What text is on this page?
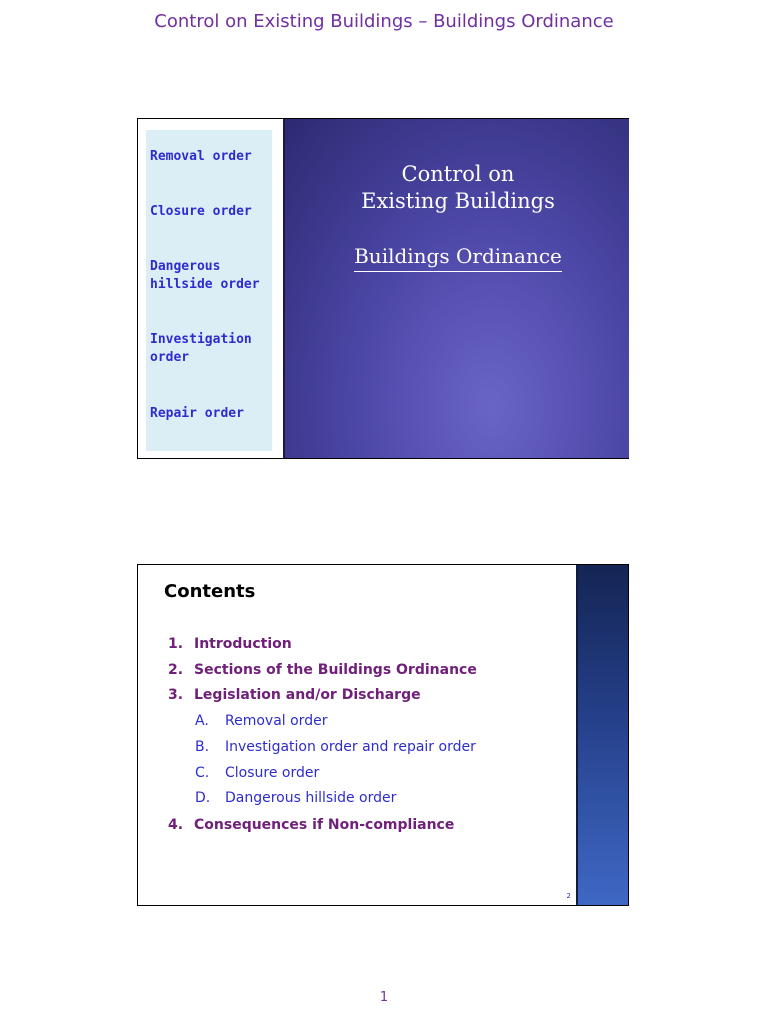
Control on Existing Buildings – Buildings Ordinance
Removal order
Closure order
Dangerous
hillside order
Investigation
order
Repair order
Control on
Existing Buildings
Buildings Ordinance
Contents
1. Introduction
2. Sections of the Buildings Ordinance
3. Legislation and/or Discharge
A. Removal order
B. Investigation order and repair order
C. Closure order
D. Dangerous hillside order
4. Consequences if Non-compliance
2
1
